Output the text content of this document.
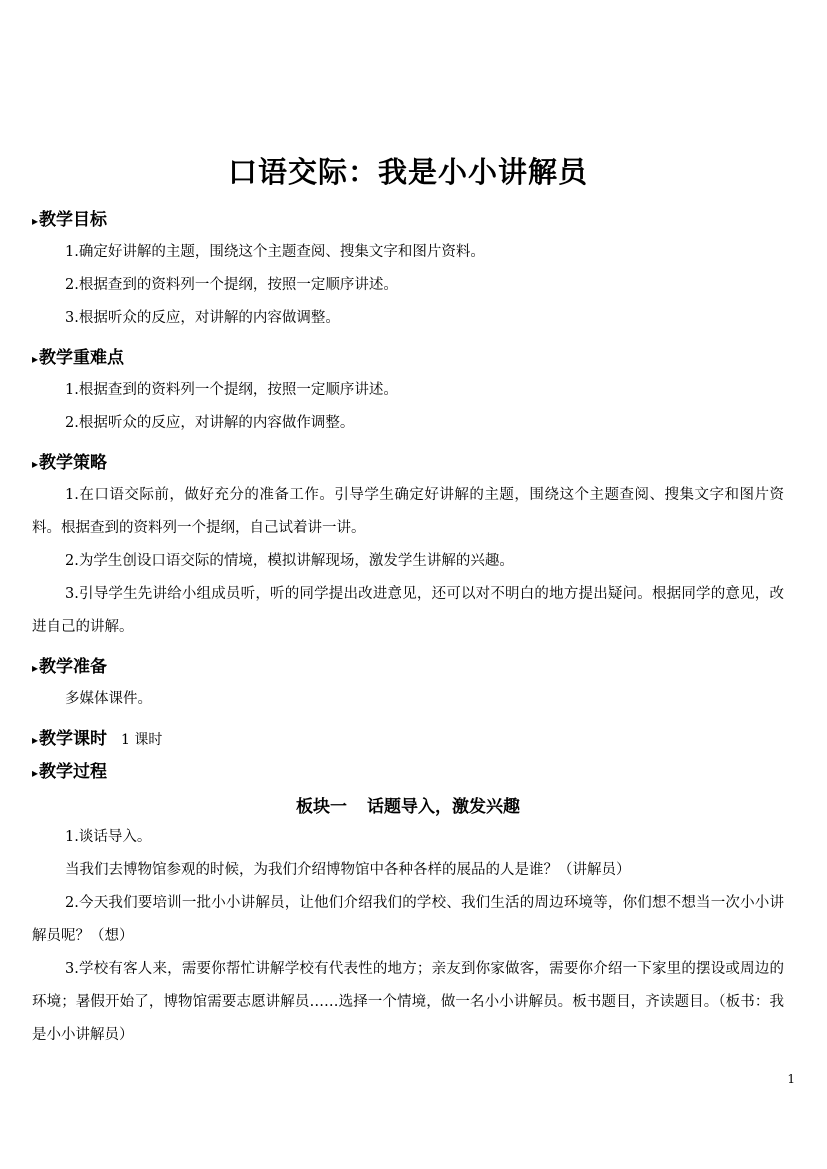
口语交际：我是小小讲解员
▸ 教学目标

1.确定好讲解的主题，围绕这个主题查阅、搜集文字和图片资料。

2.根据查到的资料列一个提纲，按照一定顺序讲述。

3.根据听众的反应，对讲解的内容做调整。

▸ 教学重难点

1.根据查到的资料列一个提纲，按照一定顺序讲述。

2.根据听众的反应，对讲解的内容做作调整。

▸ 教学策略

1.在口语交际前，做好充分的准备工作。引导学生确定好讲解的主题，围绕这个主题查阅、搜集文字和图片资料。根据查到的资料列一个提纲，自己试着讲一讲。

2.为学生创设口语交际的情境，模拟讲解现场，激发学生讲解的兴趣。

3.引导学生先讲给小组成员听，听的同学提出改进意见，还可以对不明白的地方提出疑问。根据同学的意见，改进自己的讲解。

▸ 教学准备

多媒体课件。

▸ 教学课时 1 课时
▸ 教学过程
板块一 话题导入，激发兴趣

1.谈话导入。

当我们去博物馆参观的时候，为我们介绍博物馆中各种各样的展品的人是谁？（讲解员）

2.今天我们要培训一批小小讲解员，让他们介绍我们的学校、我们生活的周边环境等，你们想不想当一次小小讲解员呢？（想）

3.学校有客人来，需要你帮忙讲解学校有代表性的地方；亲友到你家做客，需要你介绍一下家里的摆设或周边的环境；暑假开始了，博物馆需要志愿讲解员……选择一个情境，做一名小小讲解员。板书题目，齐读题目。（板书：我是小小讲解员）

1
